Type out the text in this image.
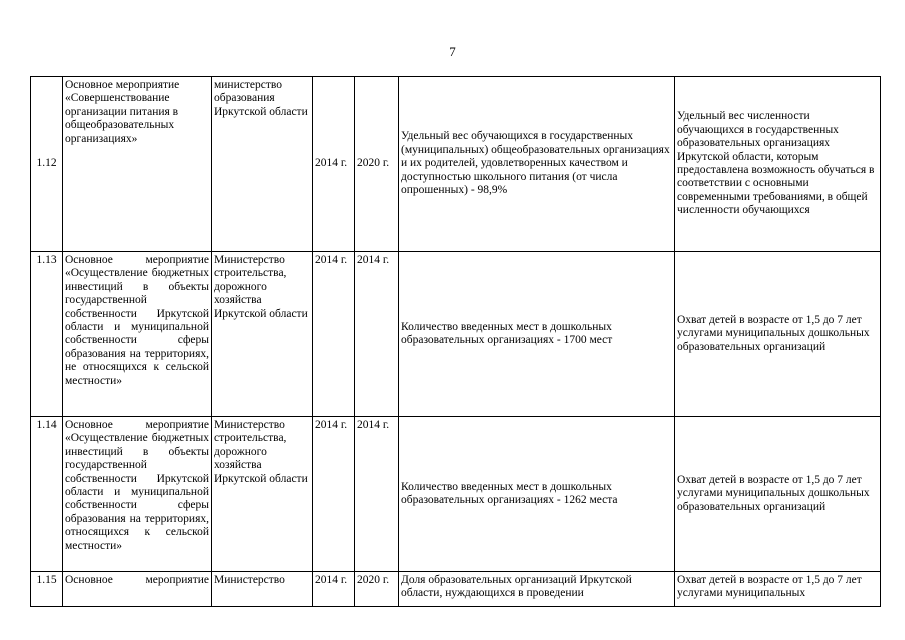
7
1.12	Основное мероприятие «Совершенствование организации питания в общеобразовательных организациях»	министерство образования Иркутской области	2014 г.	2020 г.	Удельный вес обучающихся в государственных (муниципальных) общеобразовательных организациях и их родителей, удовлетворенных качеством и доступностью школьного питания (от числа опрошенных) - 98,9%	Удельный вес численности обучающихся в государственных образовательных организациях Иркутской области, которым предоставлена возможность обучаться в соответствии с основными современными требованиями, в общей численности обучающихся
1.13	Основное мероприятие «Осуществление бюджетных инвестиций в объекты государственной собственности Иркутской области и муниципальной собственности сферы образования на территориях, не относящихся к сельской местности»	Министерство строительства, дорожного хозяйства Иркутской области	2014 г.	2014 г.	Количество введенных мест в дошкольных образовательных организациях - 1700 мест	Охват детей в возрасте от 1,5 до 7 лет услугами муниципальных дошкольных образовательных организаций
1.14	Основное мероприятие «Осуществление бюджетных инвестиций в объекты государственной собственности Иркутской области и муниципальной собственности сферы образования на территориях, относящихся к сельской местности»	Министерство строительства, дорожного хозяйства Иркутской области	2014 г.	2014 г.	Количество введенных мест в дошкольных образовательных организациях - 1262 места	Охват детей в возрасте от 1,5 до 7 лет услугами муниципальных дошкольных образовательных организаций
1.15	Основное мероприятие	Министерство	2014 г.	2020 г.	Доля образовательных организаций Иркутской области, нуждающихся в проведении	Охват детей в возрасте от 1,5 до 7 лет услугами муниципальных
